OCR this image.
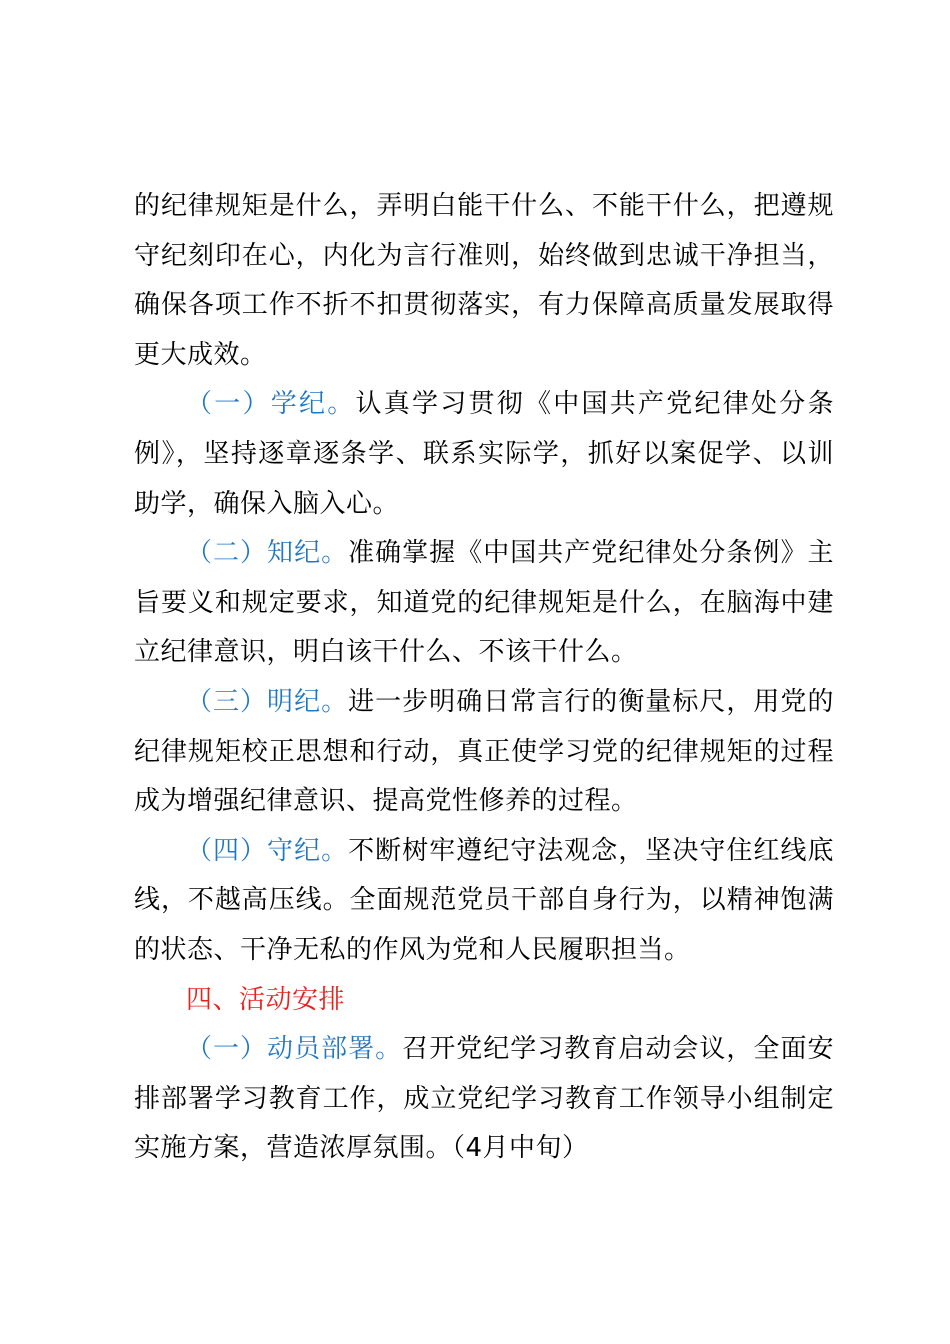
的纪律规矩是什么，弄明白能干什么、不能干什么，把遵规守纪刻印在心，内化为言行准则，始终做到忠诚干净担当，确保各项工作不折不扣贯彻落实，有力保障高质量发展取得更大成效。

（一）学纪。认真学习贯彻《中国共产党纪律处分条例》，坚持逐章逐条学、联系实际学，抓好以案促学、以训助学，确保入脑入心。

（二）知纪。准确掌握《中国共产党纪律处分条例》主旨要义和规定要求，知道党的纪律规矩是什么，在脑海中建立纪律意识，明白该干什么、不该干什么。

（三）明纪。进一步明确日常言行的衡量标尺，用党的纪律规矩校正思想和行动，真正使学习党的纪律规矩的过程成为增强纪律意识、提高党性修养的过程。

（四）守纪。不断树牢遵纪守法观念，坚决守住红线底线，不越高压线。全面规范党员干部自身行为，以精神饱满的状态、干净无私的作风为党和人民履职担当。

四、活动安排

（一）动员部署。召开党纪学习教育启动会议，全面安排部署学习教育工作，成立党纪学习教育工作领导小组制定实施方案，营造浓厚氛围。（4月中旬）
